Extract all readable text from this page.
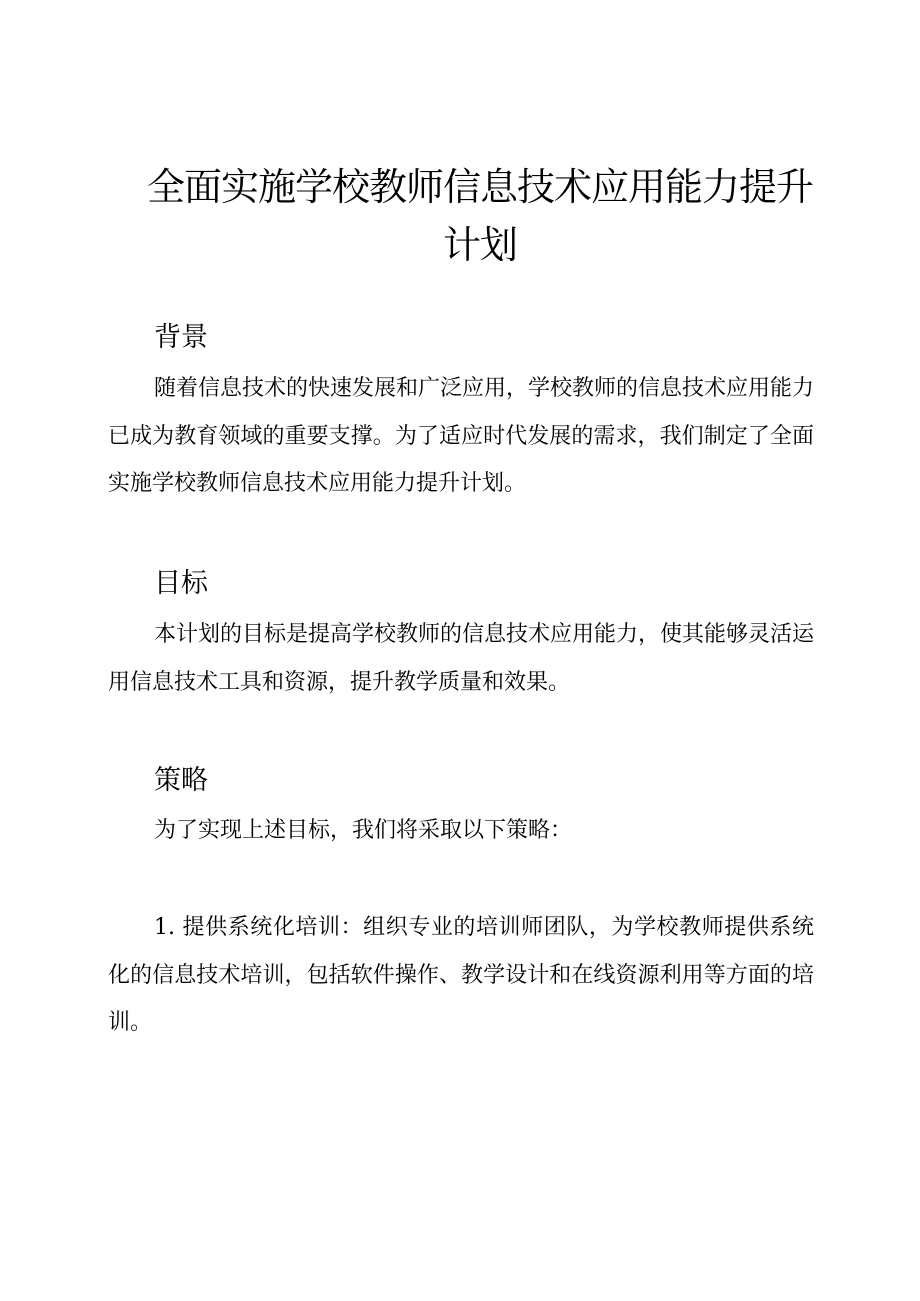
全面实施学校教师信息技术应用能力提升计划
背景

随着信息技术的快速发展和广泛应用，学校教师的信息技术应用能力已成为教育领域的重要支撑。为了适应时代发展的需求，我们制定了全面实施学校教师信息技术应用能力提升计划。

目标

本计划的目标是提高学校教师的信息技术应用能力，使其能够灵活运用信息技术工具和资源，提升教学质量和效果。

策略

为了实现上述目标，我们将采取以下策略：

1. 提供系统化培训：组织专业的培训师团队，为学校教师提供系统化的信息技术培训，包括软件操作、教学设计和在线资源利用等方面的培训。
